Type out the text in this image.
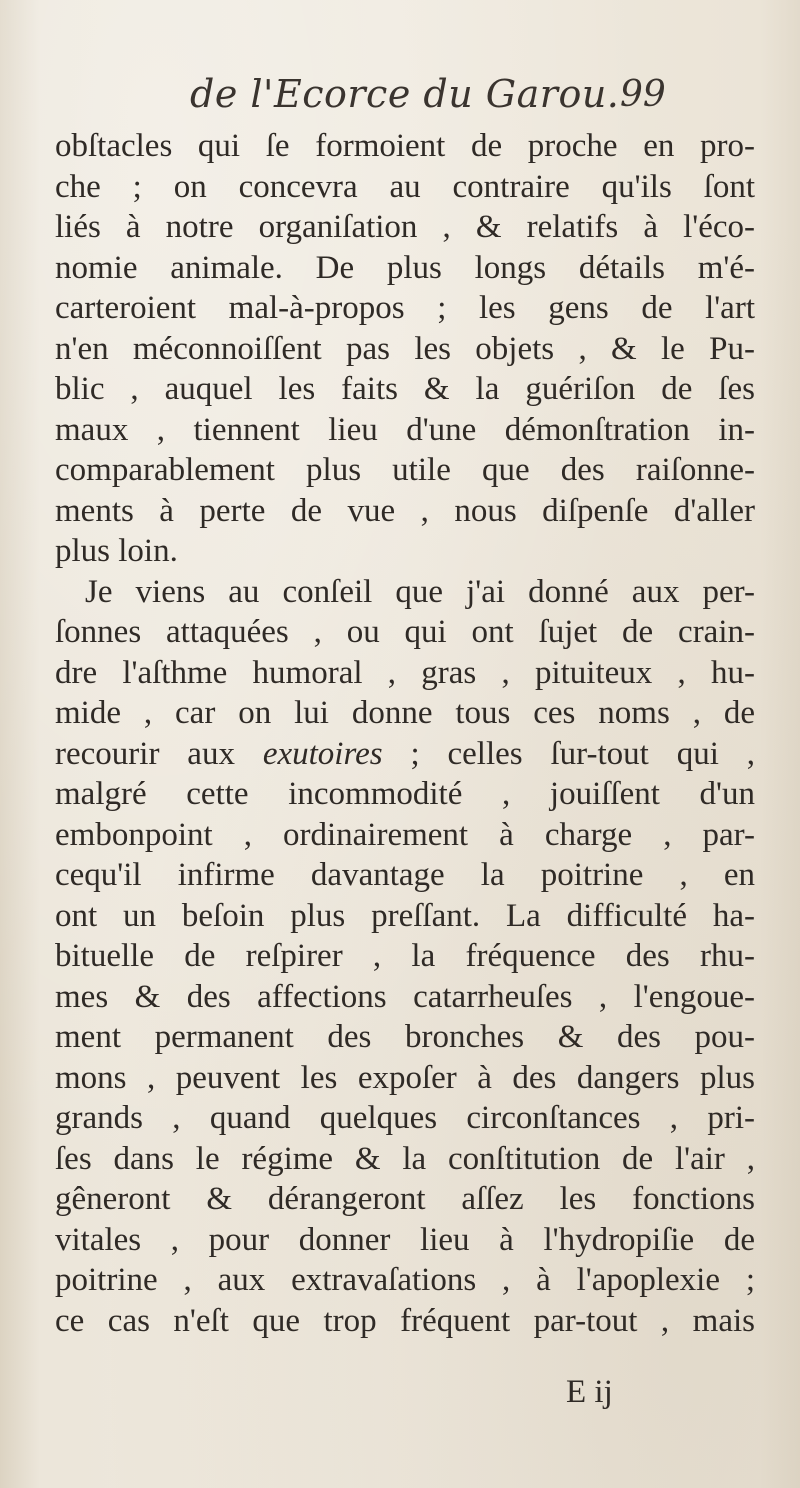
de l'Ecorce du Garou. 99
obſtacles qui ſe formoient de proche en pro-
che ; on concevra au contraire qu'ils ſont
liés à notre organiſation , & relatifs à l'éco-
nomie animale. De plus longs détails m'é-
carteroient mal-à-propos ; les gens de l'art
n'en méconnoiſſent pas les objets , & le Pu-
blic , auquel les faits & la guériſon de ſes
maux , tiennent lieu d'une démonſtration in-
comparablement plus utile que des raiſonne-
ments à perte de vue , nous diſpenſe d'aller
plus loin.
Je viens au conſeil que j'ai donné aux per-
ſonnes attaquées , ou qui ont ſujet de crain-
dre l'aſthme humoral , gras , pituiteux , hu-
mide , car on lui donne tous ces noms , de
recourir aux exutoires ; celles ſur-tout qui ,
malgré cette incommodité , jouiſſent d'un
embonpoint , ordinairement à charge , par-
cequ'il infirme davantage la poitrine , en
ont un beſoin plus preſſant. La difficulté ha-
bituelle de reſpirer , la fréquence des rhu-
mes & des affections catarrheuſes , l'engoue-
ment permanent des bronches & des pou-
mons , peuvent les expoſer à des dangers plus
grands , quand quelques circonſtances , pri-
ſes dans le régime & la conſtitution de l'air ,
gêneront & dérangeront aſſez les fonctions
vitales , pour donner lieu à l'hydropiſie de
poitrine , aux extravaſations , à l'apoplexie ;
ce cas n'eſt que trop fréquent par-tout , mais
E ij
